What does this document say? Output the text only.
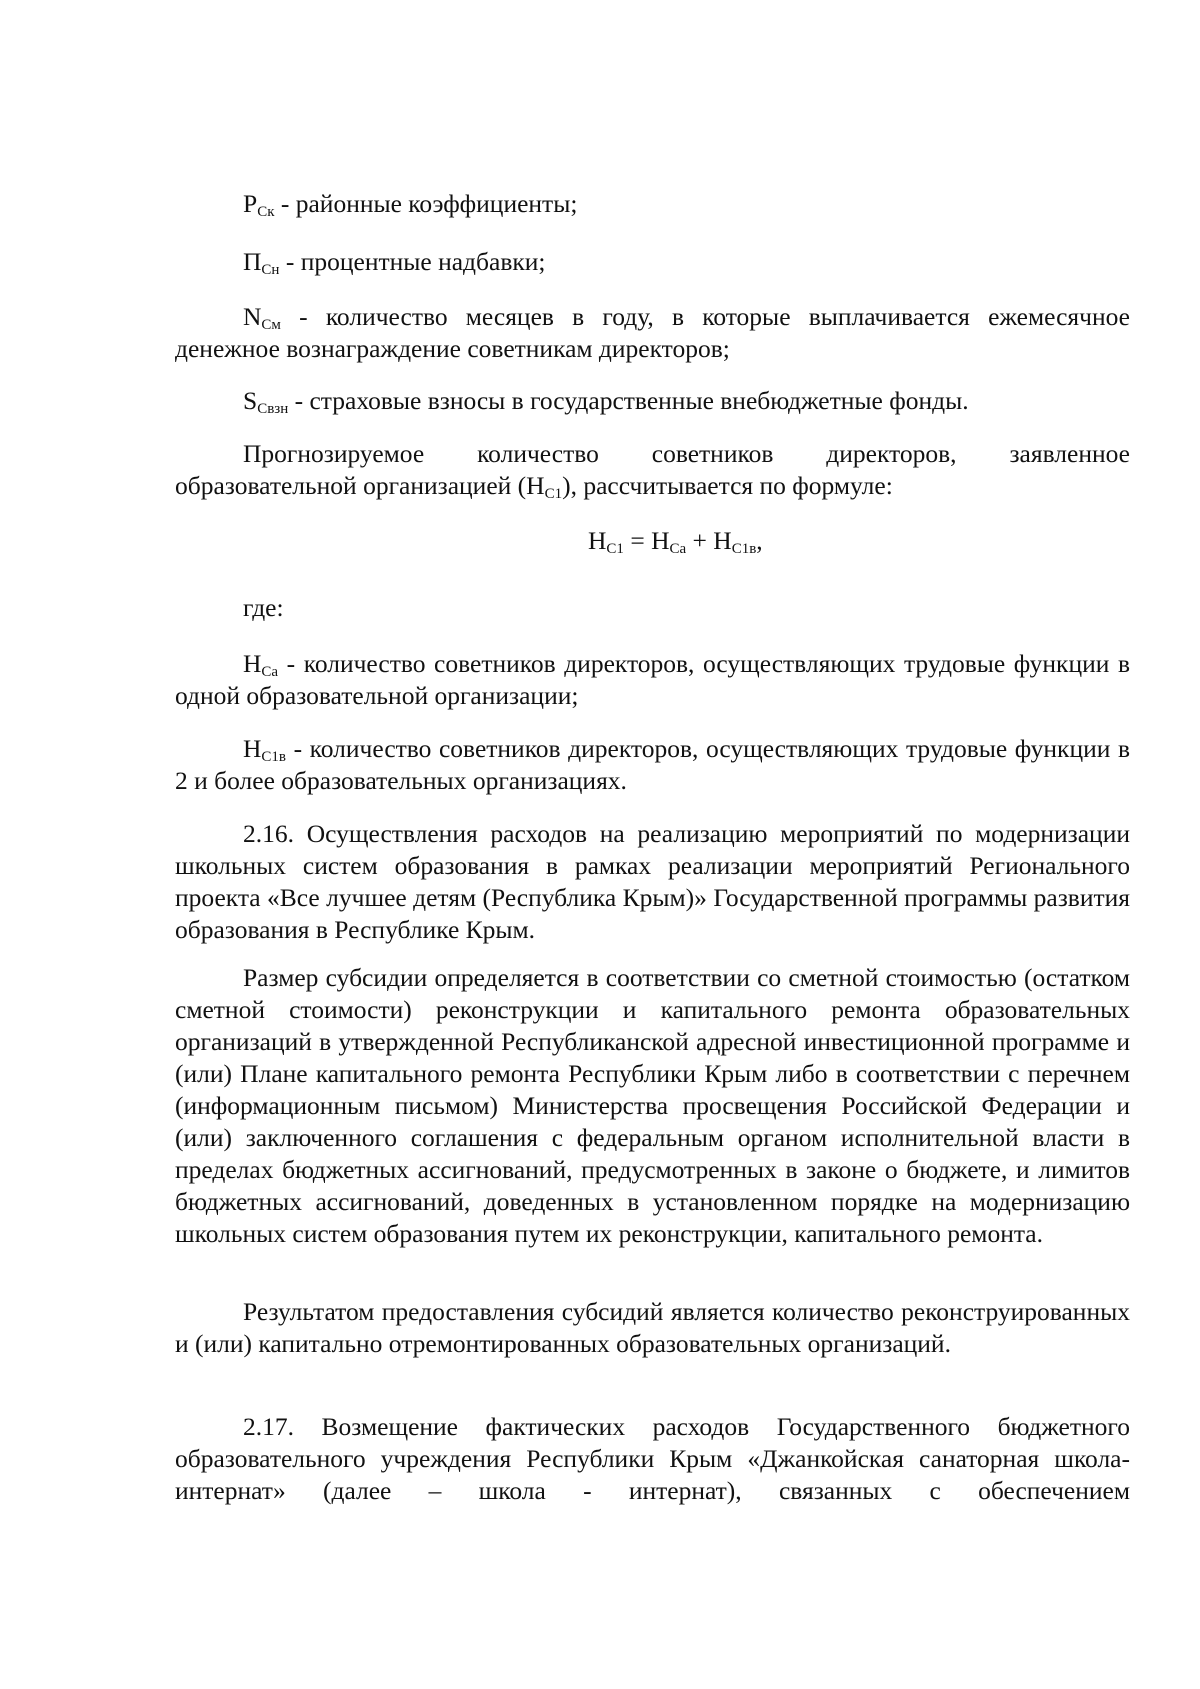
$Р_{Ск}$ - районные коэффициенты;

$П_{Сн}$ - процентные надбавки;

$N_{См}$ - количество месяцев в году, в которые выплачивается ежемесячное денежное вознаграждение советникам директоров;

$S_{Свзн}$ - страховые взносы в государственные внебюджетные фонды.

Прогнозируемое количество советников директоров, заявленное образовательной организацией $(Н_{С1})$, рассчитывается по формуле:

$Н_{С1} = Н_{Са} + Н_{С1в}$,
где:

$Н_{Са}$ - количество советников директоров, осуществляющих трудовые функции в одной образовательной организации;

$Н_{С1в}$ - количество советников директоров, осуществляющих трудовые функции в 2 и более образовательных организациях.

2.16. Осуществления расходов на реализацию мероприятий по модернизации школьных систем образования в рамках реализации мероприятий Регионального проекта «Все лучшее детям (Республика Крым)» Государственной программы развития образования в Республике Крым.

Размер субсидии определяется в соответствии со сметной стоимостью (остатком сметной стоимости) реконструкции и капитального ремонта образовательных организаций в утвержденной Республиканской адресной инвестиционной программе и (или) Плане капитального ремонта Республики Крым либо в соответствии с перечнем (информационным письмом) Министерства просвещения Российской Федерации и (или) заключенного соглашения с федеральным органом исполнительной власти в пределах бюджетных ассигнований, предусмотренных в законе о бюджете, и лимитов бюджетных ассигнований, доведенных в установленном порядке на модернизацию школьных систем образования путем их реконструкции, капитального ремонта.

Результатом предоставления субсидий является количество реконструированных и (или) капитально отремонтированных образовательных организаций.

2.17. Возмещение фактических расходов Государственного бюджетного образовательного учреждения Республики Крым «Джанкойская санаторная школа-интернат» (далее – школа - интернат), связанных с обеспечением
